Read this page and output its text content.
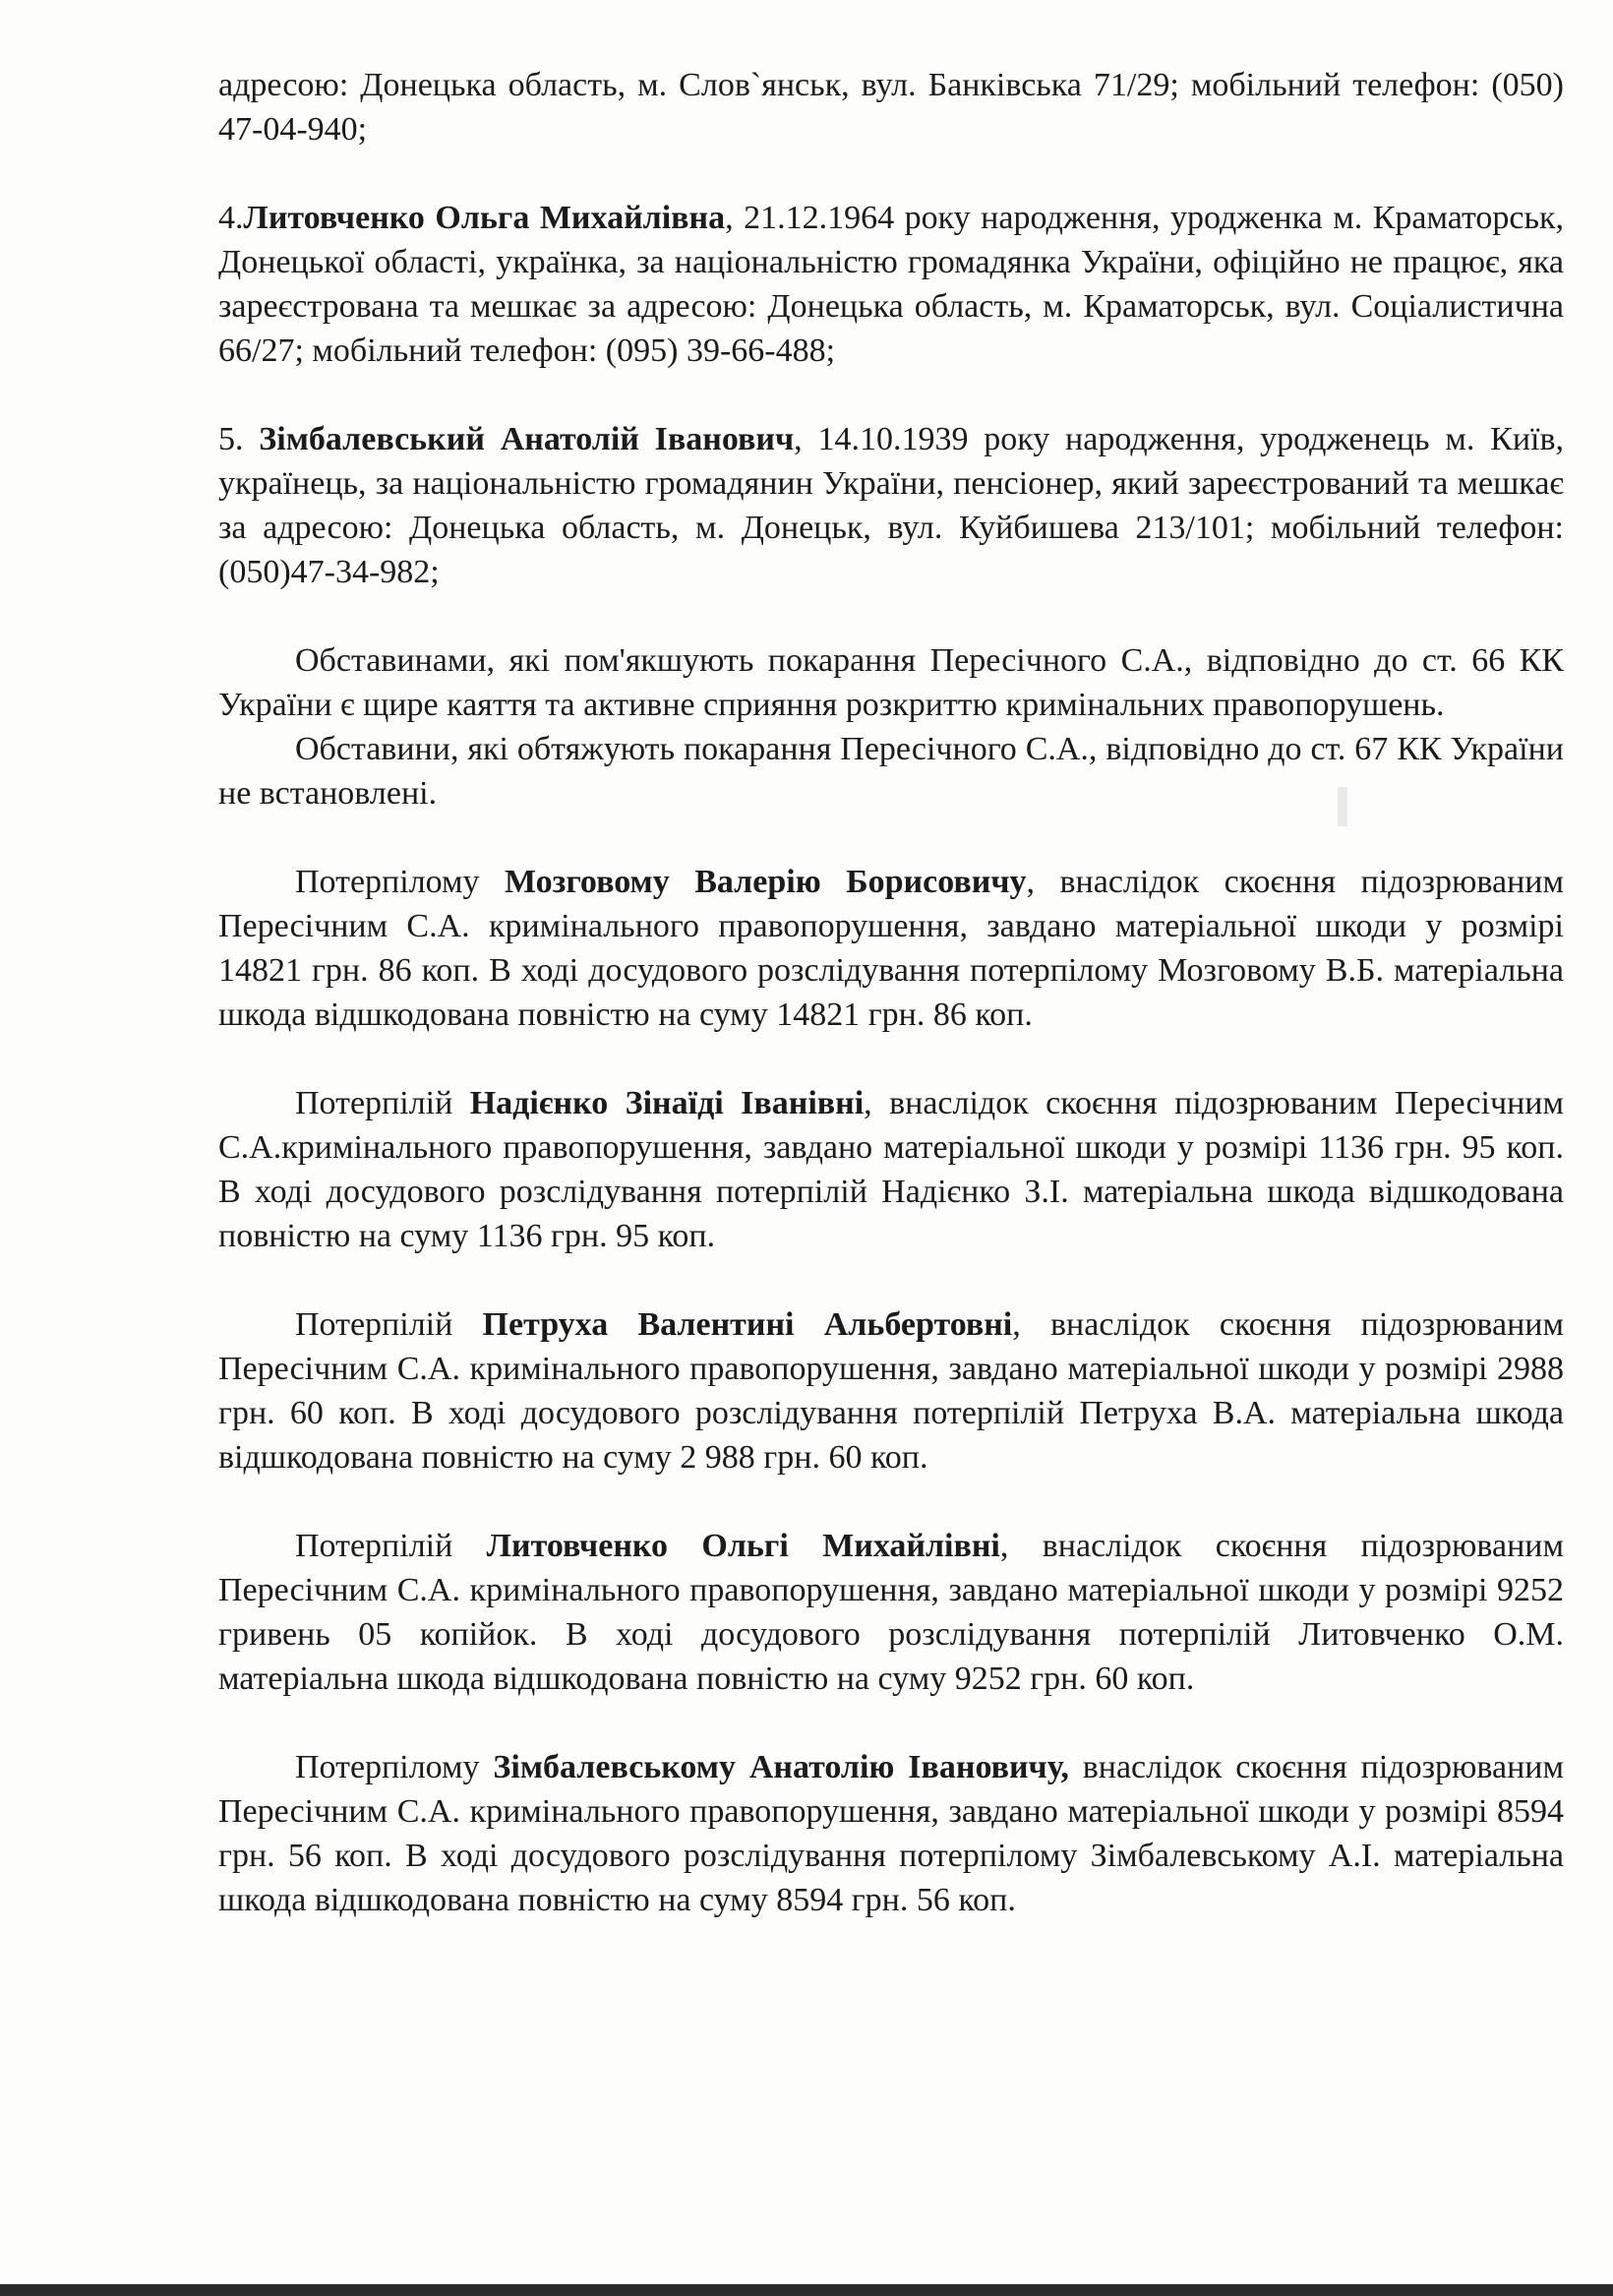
адресою: Донецька область, м. Слов`янськ, вул. Банківська 71/29; мобільний телефон: (050) 47-04-940;

4.Литовченко Ольга Михайлівна, 21.12.1964 року народження, уродженка м. Краматорськ, Донецької області, українка, за національністю громадянка України, офіційно не працює, яка зареєстрована та мешкає за адресою: Донецька область, м. Краматорськ, вул. Соціалистична 66/27; мобільний телефон: (095) 39-66-488;

5. Зімбалевський Анатолій Іванович, 14.10.1939 року народження, уродженець м. Київ, українець, за національністю громадянин України, пенсіонер, який зареєстрований та мешкає за адресою: Донецька область, м. Донецьк, вул. Куйбишева 213/101; мобільний телефон: (050)47-34-982;

Обставинами, які пом'якшують покарання Пересічного С.А., відповідно до ст. 66 КК України є щире каяття та активне сприяння розкриттю кримінальних правопорушень.

Обставини, які обтяжують покарання Пересічного С.А., відповідно до ст. 67 КК України не встановлені.

Потерпілому Мозговому Валерію Борисовичу, внаслідок скоєння підозрюваним Пересічним С.А. кримінального правопорушення, завдано матеріальної шкоди у розмірі 14821 грн. 86 коп. В ході досудового розслідування потерпілому Мозговому В.Б. матеріальна шкода відшкодована повністю на суму 14821 грн. 86 коп.

Потерпілій Надієнко Зінаїді Іванівні, внаслідок скоєння підозрюваним Пересічним С.А.кримінального правопорушення, завдано матеріальної шкоди у розмірі 1136 грн. 95 коп. В ході досудового розслідування потерпілій Надієнко З.І. матеріальна шкода відшкодована повністю на суму 1136 грн. 95 коп.

Потерпілій Петруха Валентині Альбертовні, внаслідок скоєння підозрюваним Пересічним С.А. кримінального правопорушення, завдано матеріальної шкоди у розмірі 2988 грн. 60 коп. В ході досудового розслідування потерпілій Петруха В.А. матеріальна шкода відшкодована повністю на суму 2 988 грн. 60 коп.

Потерпілій Литовченко Ольгі Михайлівні, внаслідок скоєння підозрюваним Пересічним С.А. кримінального правопорушення, завдано матеріальної шкоди у розмірі 9252 гривень 05 копійок. В ході досудового розслідування потерпілій Литовченко О.М. матеріальна шкода відшкодована повністю на суму 9252 грн. 60 коп.

Потерпілому Зімбалевському Анатолію Івановичу, внаслідок скоєння підозрюваним Пересічним С.А. кримінального правопорушення, завдано матеріальної шкоди у розмірі 8594 грн. 56 коп. В ході досудового розслідування потерпілому Зімбалевському А.І. матеріальна шкода відшкодована повністю на суму 8594 грн. 56 коп.
